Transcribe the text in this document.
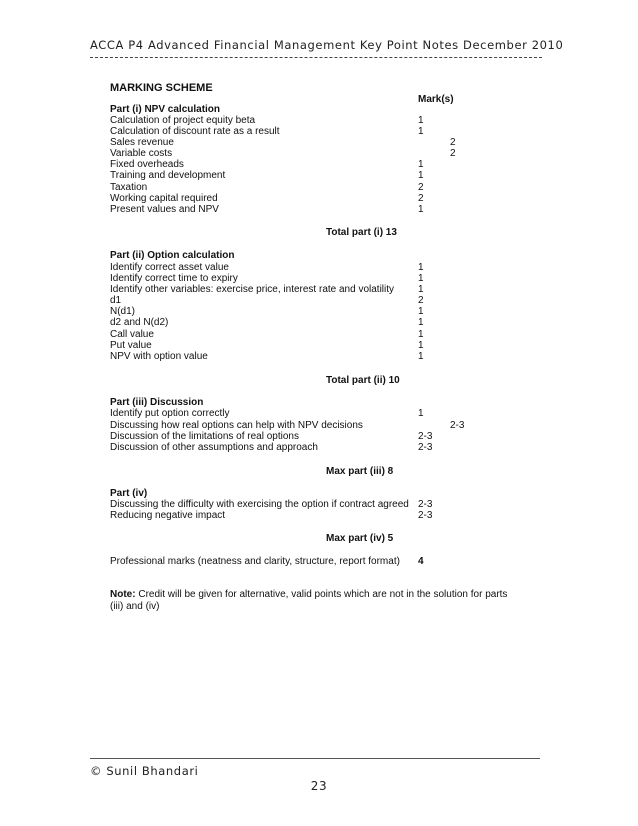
ACCA P4 Advanced Financial Management Key Point Notes December 2010
MARKING SCHEME
Mark(s)
Part (i) NPV calculation
Calculation of project equity beta	1
Calculation of discount rate as a result	1
Sales revenue	2
Variable costs	2
Fixed overheads	1
Training and development	1
Taxation	2
Working capital required	2
Present values and NPV	1
Total part (i) 13
Part (ii) Option calculation
Identify correct asset value	1
Identify correct time to expiry	1
Identify other variables: exercise price, interest rate and volatility 1
d1	2
N(d1)	1
d2 and N(d2)	1
Call value	1
Put value	1
NPV with option value	1
Total part (ii) 10
Part (iii) Discussion
Identify put option correctly	1
Discussing how real options can help with NPV decisions	2-3
Discussion of the limitations of real options	2-3
Discussion of other assumptions and approach	2-3
Max part (iii) 8
Part (iv)
Discussing the difficulty with exercising the option if contract agreed 2-3
Reducing negative impact	2-3
Max part (iv) 5
Professional marks (neatness and clarity, structure, report format) 4
Note: Credit will be given for alternative, valid points which are not in the solution for parts (iii) and (iv)
© Sunil Bhandari
23
